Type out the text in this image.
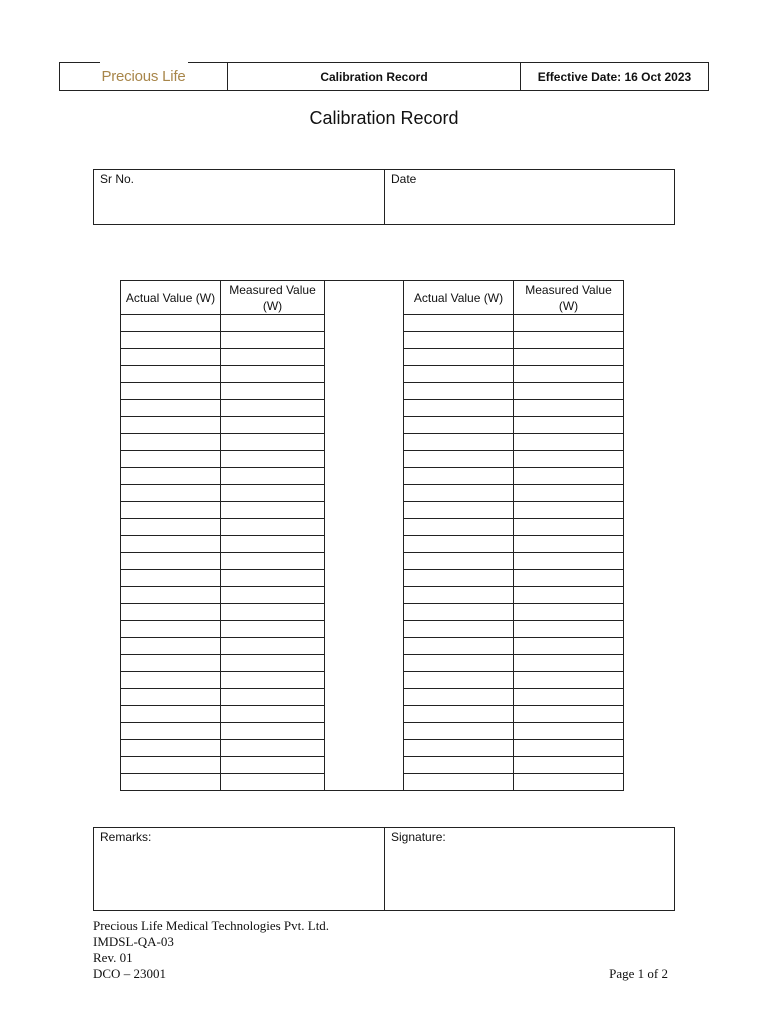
Precious Life	Calibration Record	Effective Date: 16 Oct 2023
Calibration Record
Sr No.	Date
Actual Value (W)	Measured Value (W)		Actual Value (W)	Measured Value (W)

Remarks:	Signature:
Precious Life Medical Technologies Pvt. Ltd.
IMDSL-QA-03
Rev. 01
DCO – 23001	Page 1 of 2
